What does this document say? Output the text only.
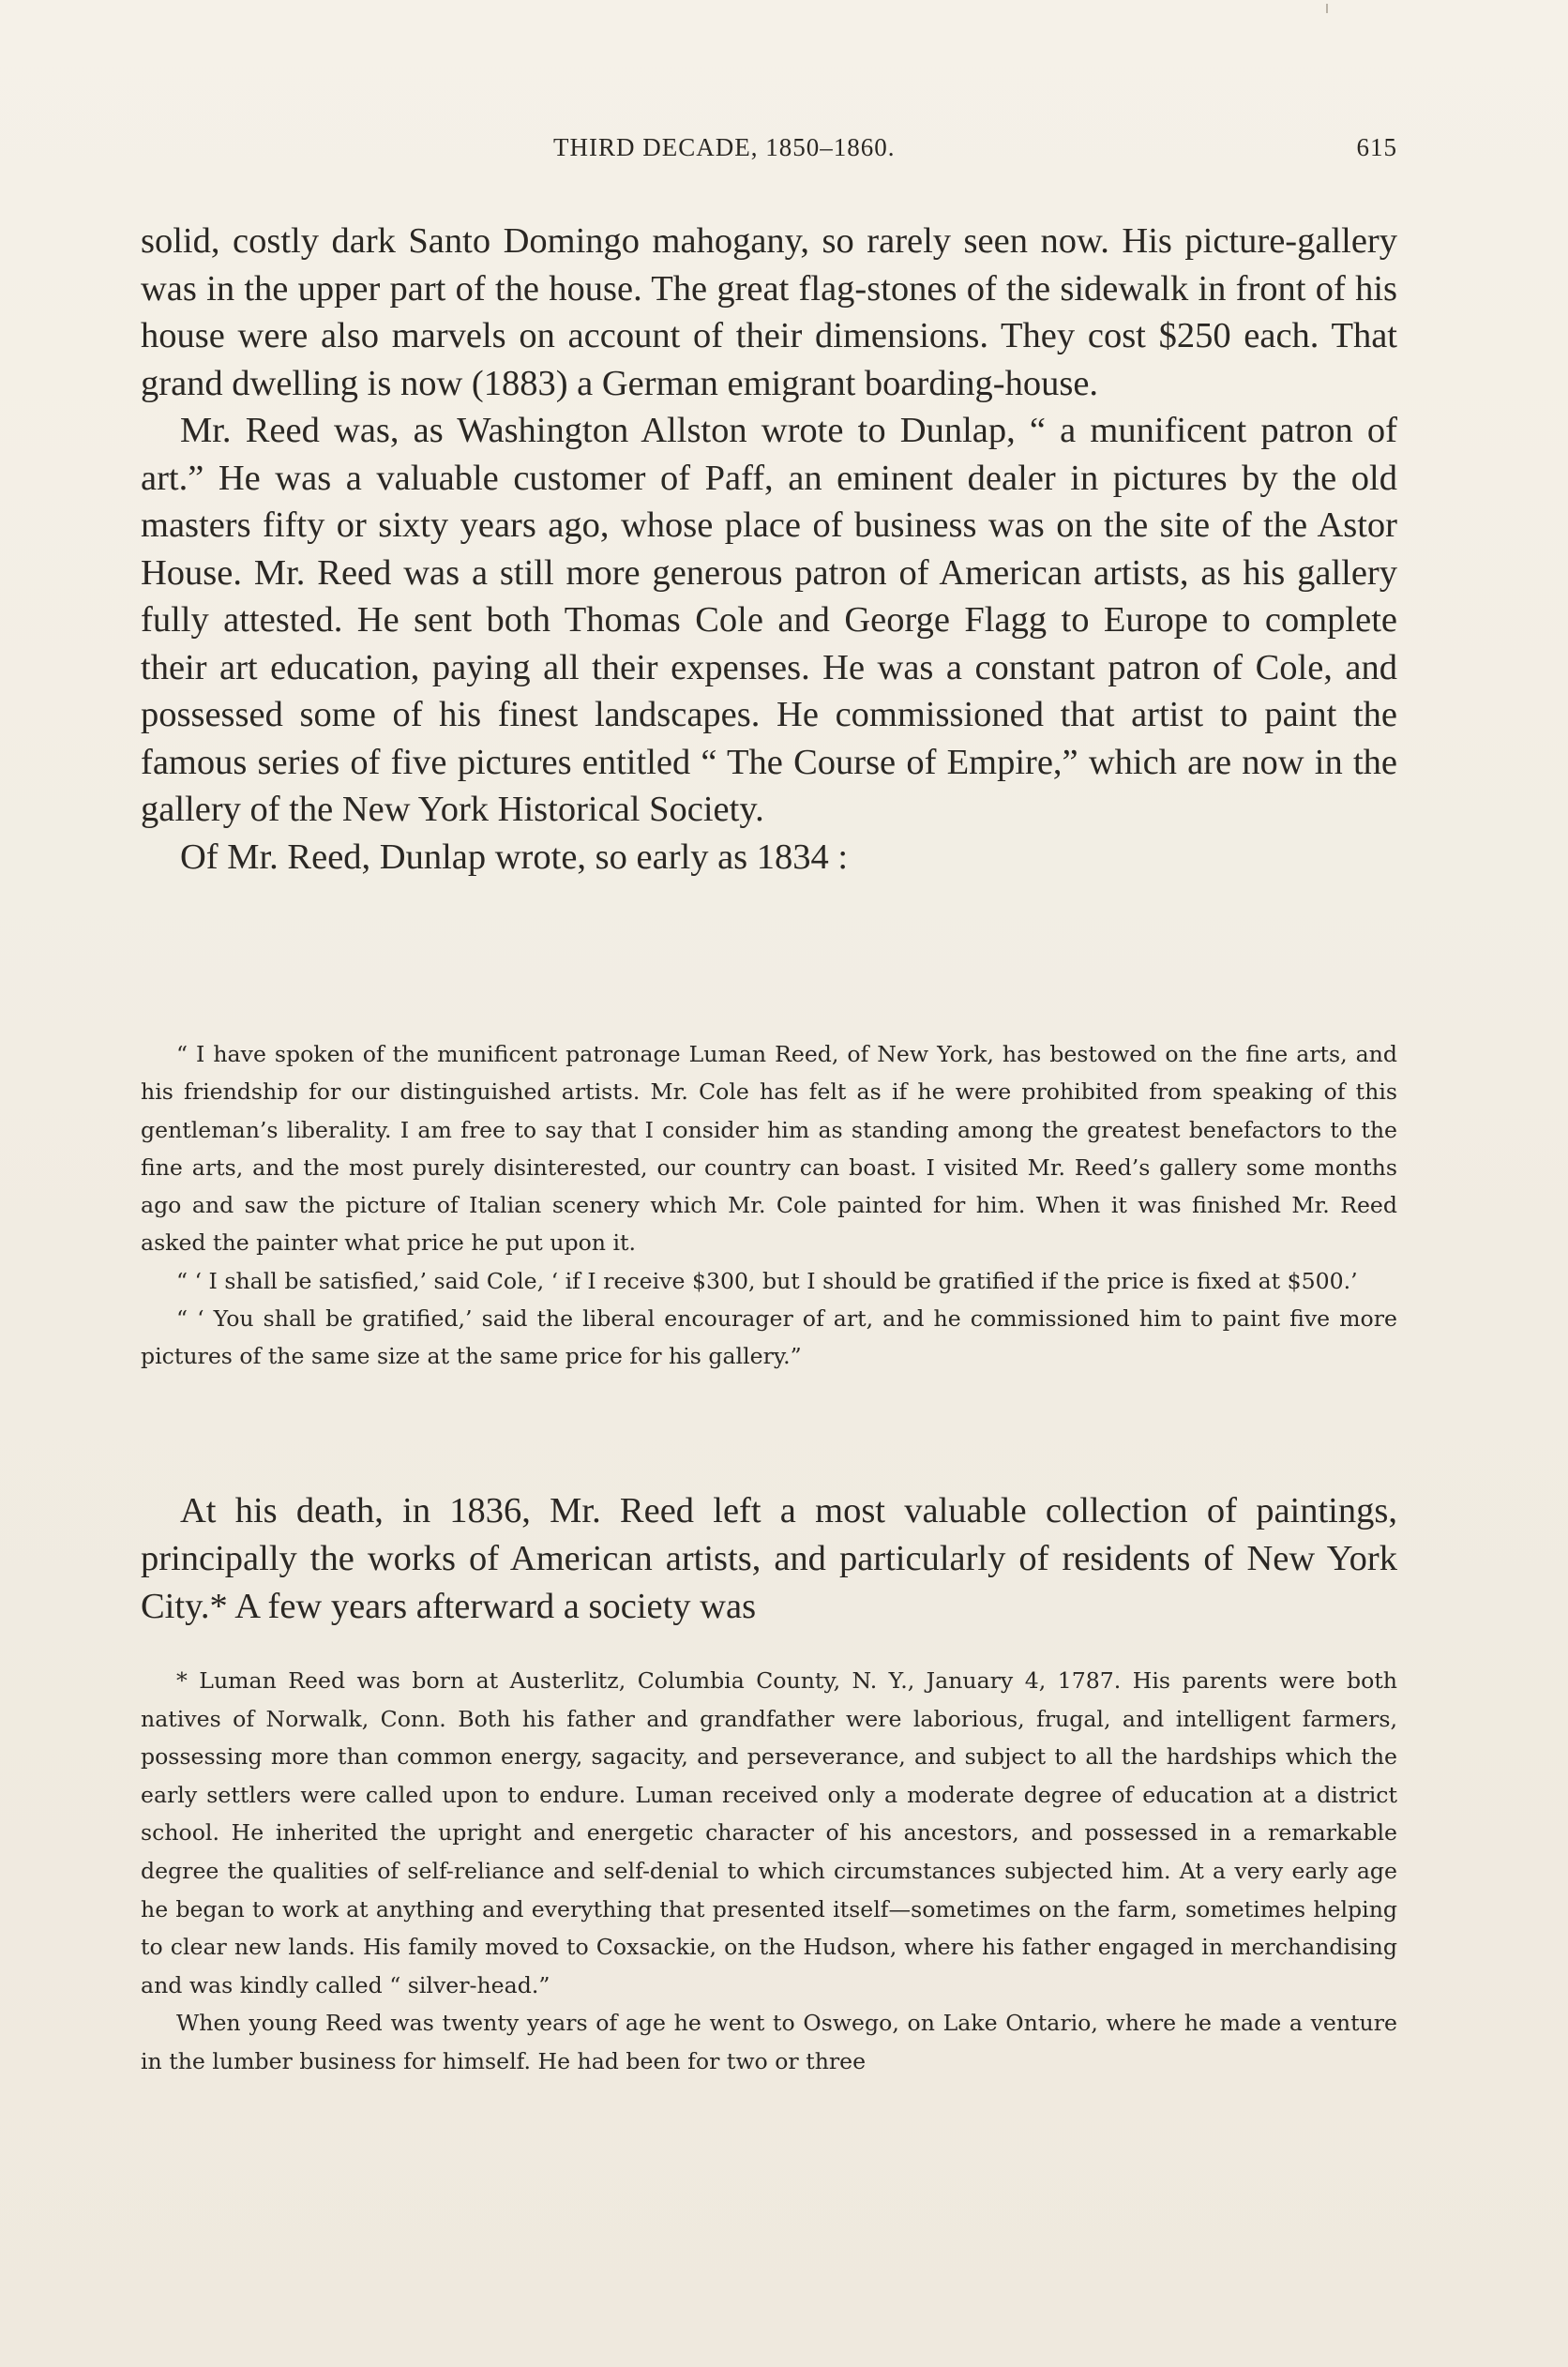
THIRD DECADE, 1850–1860.	615

solid, costly dark Santo Domingo mahogany, so rarely seen now. His picture-gallery was in the upper part of the house. The great flag-stones of the sidewalk in front of his house were also marvels on account of their dimensions. They cost $250 each. That grand dwelling is now (1883) a German emigrant boarding-house.

Mr. Reed was, as Washington Allston wrote to Dunlap, “ a munificent patron of art.” He was a valuable customer of Paff, an eminent dealer in pictures by the old masters fifty or sixty years ago, whose place of business was on the site of the Astor House. Mr. Reed was a still more generous patron of American artists, as his gallery fully attested. He sent both Thomas Cole and George Flagg to Europe to complete their art education, paying all their expenses. He was a constant patron of Cole, and possessed some of his finest landscapes. He commissioned that artist to paint the famous series of five pictures entitled “ The Course of Empire,” which are now in the gallery of the New York Historical Society.

Of Mr. Reed, Dunlap wrote, so early as 1834 :

“ I have spoken of the munificent patronage Luman Reed, of New York, has bestowed on the fine arts, and his friendship for our distinguished artists. Mr. Cole has felt as if he were prohibited from speaking of this gentleman’s liberality. I am free to say that I consider him as standing among the greatest benefactors to the fine arts, and the most purely disinterested, our country can boast. I visited Mr. Reed’s gallery some months ago and saw the picture of Italian scenery which Mr. Cole painted for him. When it was finished Mr. Reed asked the painter what price he put upon it.

“ ‘ I shall be satisfied,’ said Cole, ‘ if I receive $300, but I should be gratified if the price is fixed at $500.’

“ ‘ You shall be gratified,’ said the liberal encourager of art, and he commissioned him to paint five more pictures of the same size at the same price for his gallery.”

At his death, in 1836, Mr. Reed left a most valuable collection of paintings, principally the works of American artists, and particularly of residents of New York City.* A few years afterward a society was

* Luman Reed was born at Austerlitz, Columbia County, N. Y., January 4, 1787. His parents were both natives of Norwalk, Conn. Both his father and grandfather were laborious, frugal, and intelligent farmers, possessing more than common energy, sagacity, and perseverance, and subject to all the hardships which the early settlers were called upon to endure. Luman received only a moderate degree of education at a district school. He inherited the upright and energetic character of his ancestors, and possessed in a remarkable degree the qualities of self-reliance and self-denial to which circumstances subjected him. At a very early age he began to work at anything and everything that presented itself—sometimes on the farm, sometimes helping to clear new lands. His family moved to Coxsackie, on the Hudson, where his father engaged in merchandising and was kindly called “ silver-head.”

When young Reed was twenty years of age he went to Oswego, on Lake Ontario, where he made a venture in the lumber business for himself. He had been for two or three
